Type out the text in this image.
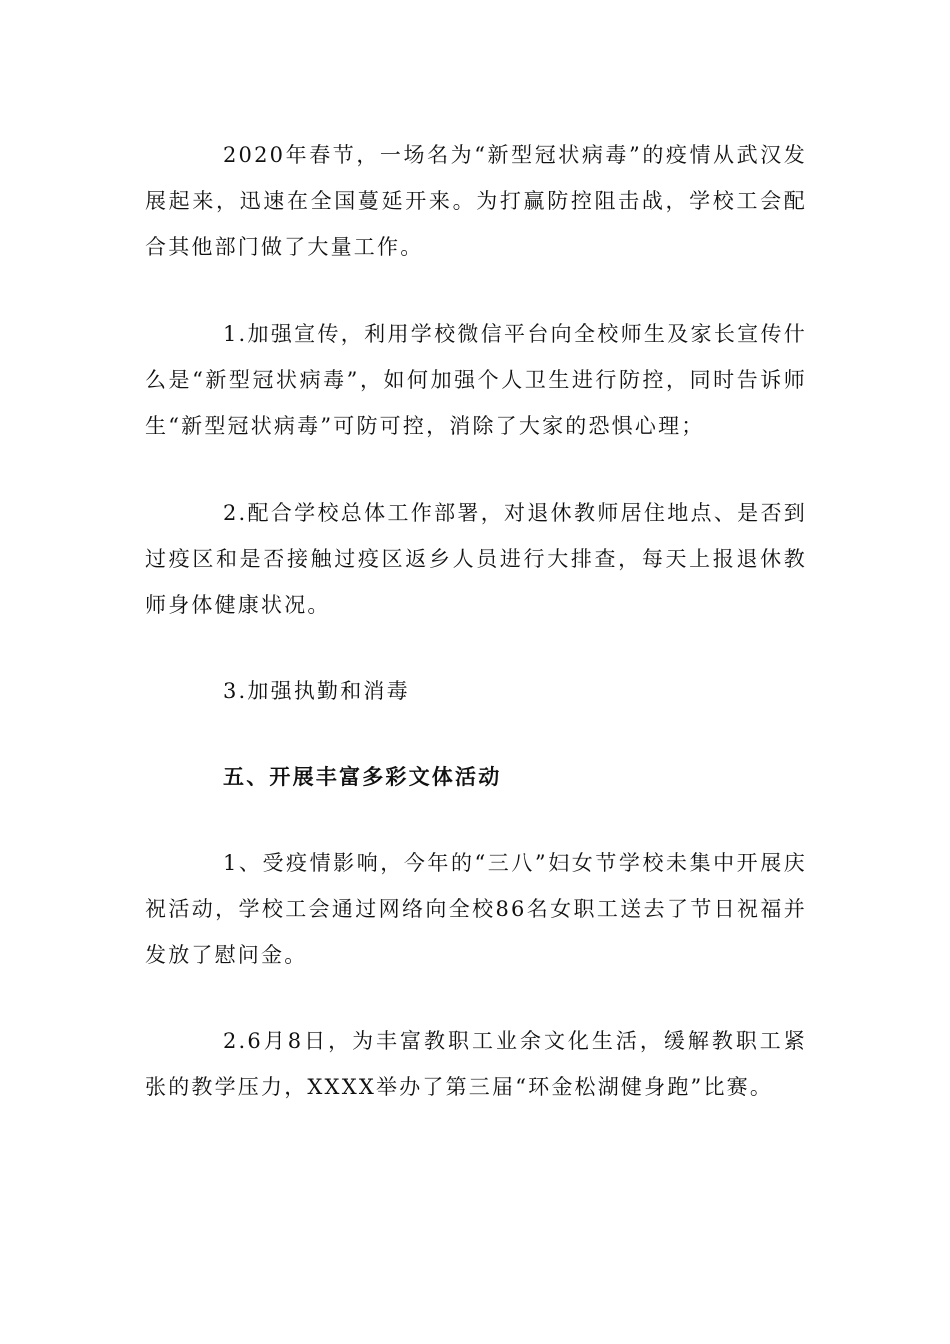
2020年春节，一场名为“新型冠状病毒”的疫情从武汉发展起来，迅速在全国蔓延开来。为打赢防控阻击战，学校工会配合其他部门做了大量工作。

1.加强宣传，利用学校微信平台向全校师生及家长宣传什么是“新型冠状病毒”，如何加强个人卫生进行防控，同时告诉师生“新型冠状病毒”可防可控，消除了大家的恐惧心理；

2.配合学校总体工作部署，对退休教师居住地点、是否到过疫区和是否接触过疫区返乡人员进行大排查，每天上报退休教师身体健康状况。

3.加强执勤和消毒

五、开展丰富多彩文体活动

1、受疫情影响，今年的“三八”妇女节学校未集中开展庆祝活动，学校工会通过网络向全校86名女职工送去了节日祝福并发放了慰问金。

2.6月8日，为丰富教职工业余文化生活，缓解教职工紧张的教学压力，XXXX举办了第三届“环金松湖健身跑”比赛。
